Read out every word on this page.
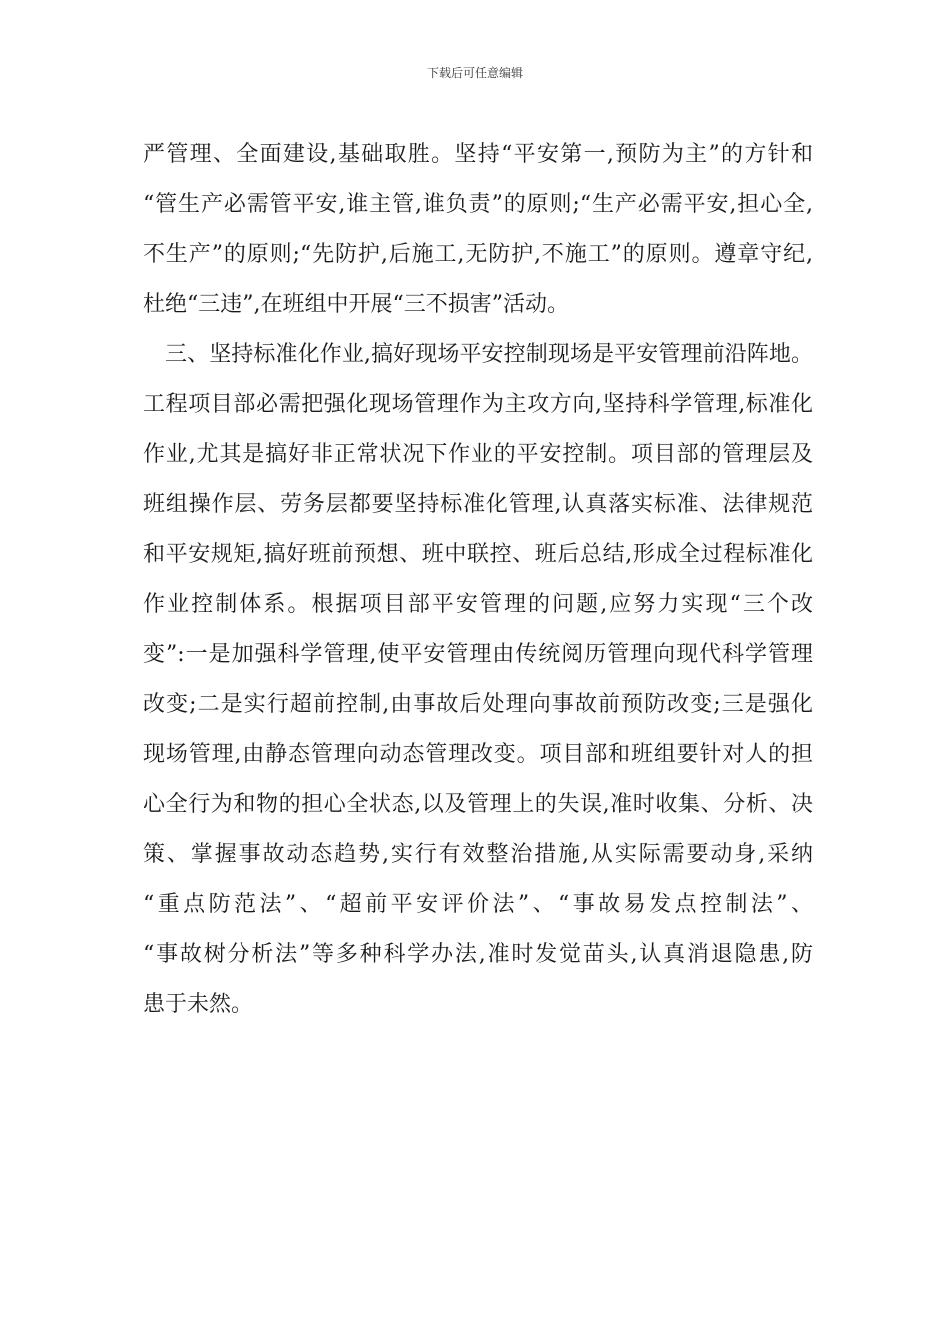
下载后可任意编辑
严管理、全面建设,基础取胜。坚持“平安第一,预防为主”的方针和
“管生产必需管平安,谁主管,谁负责”的原则;“生产必需平安,担心全,
不生产”的原则;“先防护,后施工,无防护,不施工”的原则。遵章守纪,
杜绝“三违”,在班组中开展“三不损害”活动。
三、坚持标准化作业,搞好现场平安控制现场是平安管理前沿阵地。
工程项目部必需把强化现场管理作为主攻方向,坚持科学管理,标准化
作业,尤其是搞好非正常状况下作业的平安控制。项目部的管理层及
班组操作层、劳务层都要坚持标准化管理,认真落实标准、法律规范
和平安规矩,搞好班前预想、班中联控、班后总结,形成全过程标准化
作业控制体系。根据项目部平安管理的问题,应努力实现“三个改
变”:一是加强科学管理,使平安管理由传统阅历管理向现代科学管理
改变;二是实行超前控制,由事故后处理向事故前预防改变;三是强化
现场管理,由静态管理向动态管理改变。项目部和班组要针对人的担
心全行为和物的担心全状态,以及管理上的失误,准时收集、分析、决
策、掌握事故动态趋势,实行有效整治措施,从实际需要动身,采纳
“重点防范法”、“超前平安评价法”、“事故易发点控制法”、
“事故树分析法”等多种科学办法,准时发觉苗头,认真消退隐患,防
患于未然。
